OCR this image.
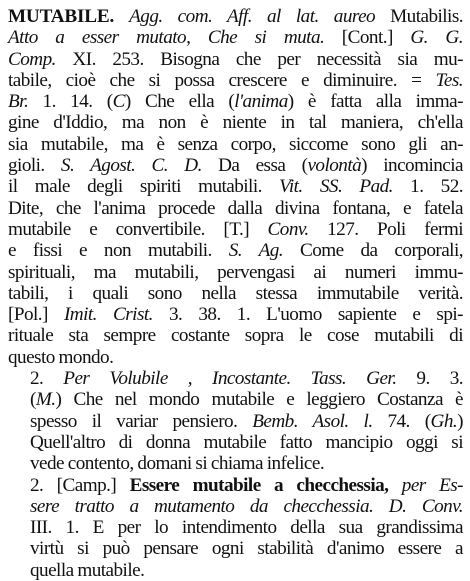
MUTABILE. Agg. com. Aff. al lat. aureo Mutabilis.
Atto a esser mutato, Che si muta. [Cont.] G. G.
Comp. XI. 253. Bisogna che per necessità sia mu-
tabile, cioè che si possa crescere e diminuire. = Tes.
Br. 1. 14. (C) Che ella (l'anima) è fatta alla imma-
gine d'Iddio, ma non è niente in tal maniera, ch'ella
sia mutabile, ma è senza corpo, siccome sono gli an-
gioli. S. Agost. C. D. Da essa (volontà) incomincia
il male degli spiriti mutabili. Vit. SS. Pad. 1. 52.
Dite, che l'anima procede dalla divina fontana, e fatela
mutabile e convertibile. [T.] Conv. 127. Poli fermi
e fissi e non mutabili. S. Ag. Come da corporali,
spirituali, ma mutabili, pervengasi ai numeri immu-
tabili, i quali sono nella stessa immutabile verità.
[Pol.] Imit. Crist. 3. 38. 1. L'uomo sapiente e spi-
rituale sta sempre costante sopra le cose mutabili di
questo mondo.
2. Per Volubile , Incostante. Tass. Ger. 9. 3.
(M.) Che nel mondo mutabile e leggiero Costanza è
spesso il variar pensiero. Bemb. Asol. l. 74. (Gh.)
Quell'altro di donna mutabile fatto mancipio oggi si
vede contento, domani si chiama infelice.
2. [Camp.] Essere mutabile a checchessia, per Es-
sere tratto a mutamento da checchessia. D. Conv.
III. 1. E per lo intendimento della sua grandissima
virtù si può pensare ogni stabilità d'animo essere a
quella mutabile.
